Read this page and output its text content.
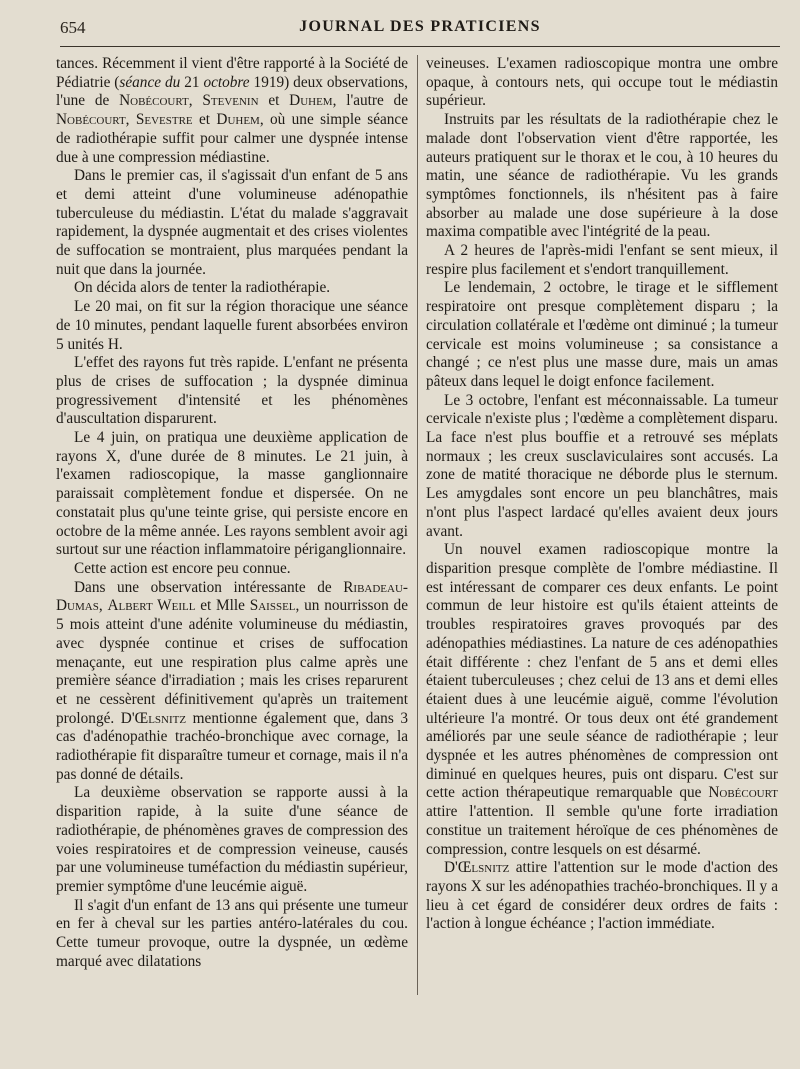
654	JOURNAL DES PRATICIENS

tances. Récemment il vient d'être rapporté à la Société de Pédiatrie (séance du 21 octobre 1919) deux observations, l'une de Nobécourt, Stevenin et Duhem, l'autre de Nobécourt, Sevestre et Duhem, où une simple séance de radiothérapie suffit pour calmer une dyspnée intense due à une compression médiastine.

Dans le premier cas, il s'agissait d'un enfant de 5 ans et demi atteint d'une volumineuse adénopathie tuberculeuse du médiastin. L'état du malade s'aggravait rapidement, la dyspnée augmentait et des crises violentes de suffocation se montraient, plus marquées pendant la nuit que dans la journée.

On décida alors de tenter la radiothérapie.

Le 20 mai, on fit sur la région thoracique une séance de 10 minutes, pendant laquelle furent absorbées environ 5 unités H.

L'effet des rayons fut très rapide. L'enfant ne présenta plus de crises de suffocation ; la dyspnée diminua progressivement d'intensité et les phénomènes d'auscultation disparurent.

Le 4 juin, on pratiqua une deuxième application de rayons X, d'une durée de 8 minutes. Le 21 juin, à l'examen radioscopique, la masse ganglionnaire paraissait complètement fondue et dispersée. On ne constatait plus qu'une teinte grise, qui persiste encore en octobre de la même année. Les rayons semblent avoir agi surtout sur une réaction inflammatoire périganglionnaire.

Cette action est encore peu connue.

Dans une observation intéressante de Ribadeau-Dumas, Albert Weill et Mlle Saissel, un nourrisson de 5 mois atteint d'une adénite volumineuse du médiastin, avec dyspnée continue et crises de suffocation menaçante, eut une respiration plus calme après une première séance d'irradiation ; mais les crises reparurent et ne cessèrent définitivement qu'après un traitement prolongé. D'Œlsnitz mentionne également que, dans 3 cas d'adénopathie trachéo-bronchique avec cornage, la radiothérapie fit disparaître tumeur et cornage, mais il n'a pas donné de détails.

La deuxième observation se rapporte aussi à la disparition rapide, à la suite d'une séance de radiothérapie, de phénomènes graves de compression des voies respiratoires et de compression veineuse, causés par une volumineuse tuméfaction du médiastin supérieur, premier symptôme d'une leucémie aiguë.

Il s'agit d'un enfant de 13 ans qui présente une tumeur en fer à cheval sur les parties antéro-latérales du cou. Cette tumeur provoque, outre la dyspnée, un œdème marqué avec dilatations

veineuses. L'examen radioscopique montra une ombre opaque, à contours nets, qui occupe tout le médiastin supérieur.

Instruits par les résultats de la radiothérapie chez le malade dont l'observation vient d'être rapportée, les auteurs pratiquent sur le thorax et le cou, à 10 heures du matin, une séance de radiothérapie. Vu les grands symptômes fonctionnels, ils n'hésitent pas à faire absorber au malade une dose supérieure à la dose maxima compatible avec l'intégrité de la peau.

A 2 heures de l'après-midi l'enfant se sent mieux, il respire plus facilement et s'endort tranquillement.

Le lendemain, 2 octobre, le tirage et le sifflement respiratoire ont presque complètement disparu ; la circulation collatérale et l'œdème ont diminué ; la tumeur cervicale est moins volumineuse ; sa consistance a changé ; ce n'est plus une masse dure, mais un amas pâteux dans lequel le doigt enfonce facilement.

Le 3 octobre, l'enfant est méconnaissable. La tumeur cervicale n'existe plus ; l'œdème a complètement disparu. La face n'est plus bouffie et a retrouvé ses méplats normaux ; les creux susclaviculaires sont accusés. La zone de matité thoracique ne déborde plus le sternum. Les amygdales sont encore un peu blanchâtres, mais n'ont plus l'aspect lardacé qu'elles avaient deux jours avant.

Un nouvel examen radioscopique montre la disparition presque complète de l'ombre médiastine. Il est intéressant de comparer ces deux enfants. Le point commun de leur histoire est qu'ils étaient atteints de troubles respiratoires graves provoqués par des adénopathies médiastines. La nature de ces adénopathies était différente : chez l'enfant de 5 ans et demi elles étaient tuberculeuses ; chez celui de 13 ans et demi elles étaient dues à une leucémie aiguë, comme l'évolution ultérieure l'a montré. Or tous deux ont été grandement améliorés par une seule séance de radiothérapie ; leur dyspnée et les autres phénomènes de compression ont diminué en quelques heures, puis ont disparu. C'est sur cette action thérapeutique remarquable que Nobécourt attire l'attention. Il semble qu'une forte irradiation constitue un traitement héroïque de ces phénomènes de compression, contre lesquels on est désarmé.

D'Œlsnitz attire l'attention sur le mode d'action des rayons X sur les adénopathies trachéo-bronchiques. Il y a lieu à cet égard de considérer deux ordres de faits : l'action à longue échéance ; l'action immédiate.
